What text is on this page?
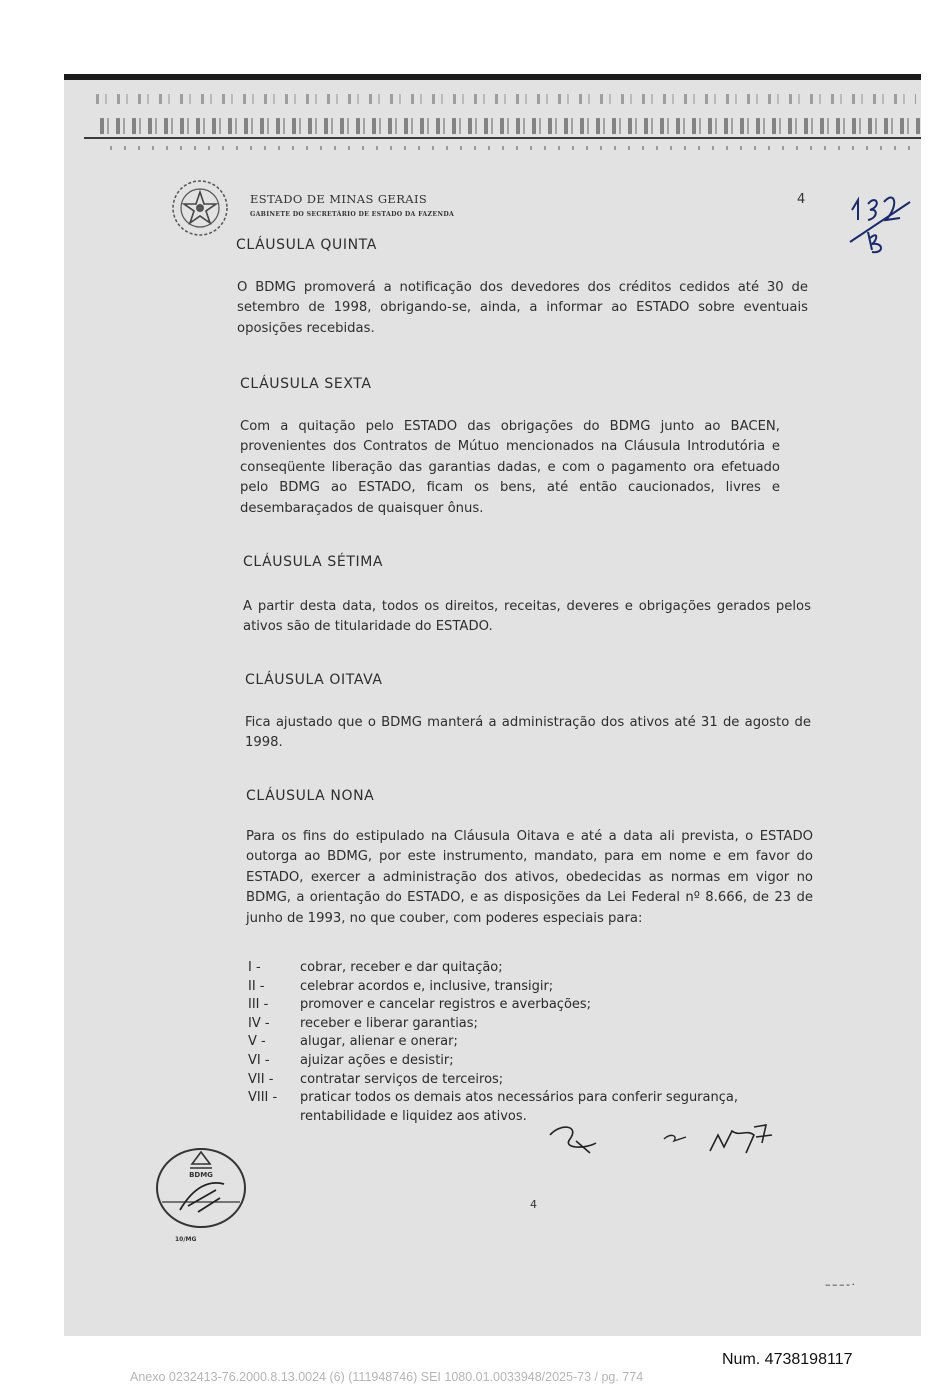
ESTADO DE MINAS GERAIS
GABINETE DO SECRETÁRIO DE ESTADO DA FAZENDA
4
CLÁUSULA QUINTA
O BDMG promoverá a notificação dos devedores dos créditos cedidos até 30 de setembro de 1998, obrigando-se, ainda, a informar ao ESTADO sobre eventuais oposições recebidas.
CLÁUSULA SEXTA
Com a quitação pelo ESTADO das obrigações do BDMG junto ao BACEN, provenientes dos Contratos de Mútuo mencionados na Cláusula Introdutória e conseqüente liberação das garantias dadas, e com o pagamento ora efetuado pelo BDMG ao ESTADO, ficam os bens, até então caucionados, livres e desembaraçados de quaisquer ônus.
CLÁUSULA SÉTIMA
A partir desta data, todos os direitos, receitas, deveres e obrigações gerados pelos ativos são de titularidade do ESTADO.
CLÁUSULA OITAVA
Fica ajustado que o BDMG manterá a administração dos ativos até 31 de agosto de 1998.
CLÁUSULA NONA
Para os fins do estipulado na Cláusula Oitava e até a data ali prevista, o ESTADO outorga ao BDMG, por este instrumento, mandato, para em nome e em favor do ESTADO, exercer a administração dos ativos, obedecidas as normas em vigor no BDMG, a orientação do ESTADO, e as disposições da Lei Federal nº 8.666, de 23 de junho de 1993, no que couber, com poderes especiais para:
I -	cobrar, receber e dar quitação;
II -	celebrar acordos e, inclusive, transigir;
III -	promover e cancelar registros e averbações;
IV -	receber e liberar garantias;
V -	alugar, alienar e onerar;
VI -	ajuizar ações e desistir;
VII -	contratar serviços de terceiros;
VIII -	praticar todos os demais atos necessários para conferir segurança,
rentabilidade e liquidez aos ativos.
BDMG
10/MG
4
– – – - ·
Num. 4738198117
Anexo 0232413-76.2000.8.13.0024 (6) (111948746) SEI 1080.01.0033948/2025-73 / pg. 774
